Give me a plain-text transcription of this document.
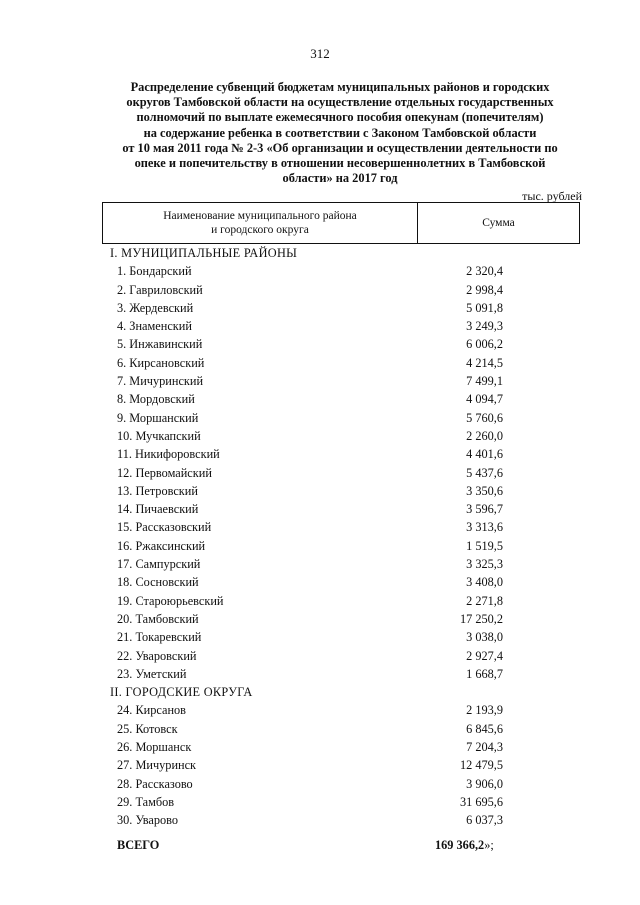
312
Распределение субвенций бюджетам муниципальных районов и городских
округов Тамбовской области на осуществление отдельных государственных
полномочий по выплате ежемесячного пособия опекунам (попечителям)
на содержание ребенка в соответствии с Законом Тамбовской области
от 10 мая 2011 года № 2-3 «Об организации и осуществлении деятельности по
опеке и попечительству в отношении несовершеннолетних в Тамбовской
области» на 2017 год
тыс. рублей
Наименование муниципального района
и городского округа
Сумма
I. МУНИЦИПАЛЬНЫЕ РАЙОНЫ
1. Бондарский	2 320,4
2. Гавриловский	2 998,4
3. Жердевский	5 091,8
4. Знаменский	3 249,3
5. Инжавинский	6 006,2
6. Кирсановский	4 214,5
7. Мичуринский	7 499,1
8. Мордовский	4 094,7
9. Моршанский	5 760,6
10. Мучкапский	2 260,0
11. Никифоровский	4 401,6
12. Первомайский	5 437,6
13. Петровский	3 350,6
14. Пичаевский	3 596,7
15. Рассказовский	3 313,6
16. Ржаксинский	1 519,5
17. Сампурский	3 325,3
18. Сосновский	3 408,0
19. Староюрьевский	2 271,8
20. Тамбовский	17 250,2
21. Токаревский	3 038,0
22. Уваровский	2 927,4
23. Уметский	1 668,7
II. ГОРОДСКИЕ ОКРУГА
24. Кирсанов	2 193,9
25. Котовск	6 845,6
26. Моршанск	7 204,3
27. Мичуринск	12 479,5
28. Рассказово	3 906,0
29. Тамбов	31 695,6
30. Уварово	6 037,3
ВСЕГО	169 366,2»;
